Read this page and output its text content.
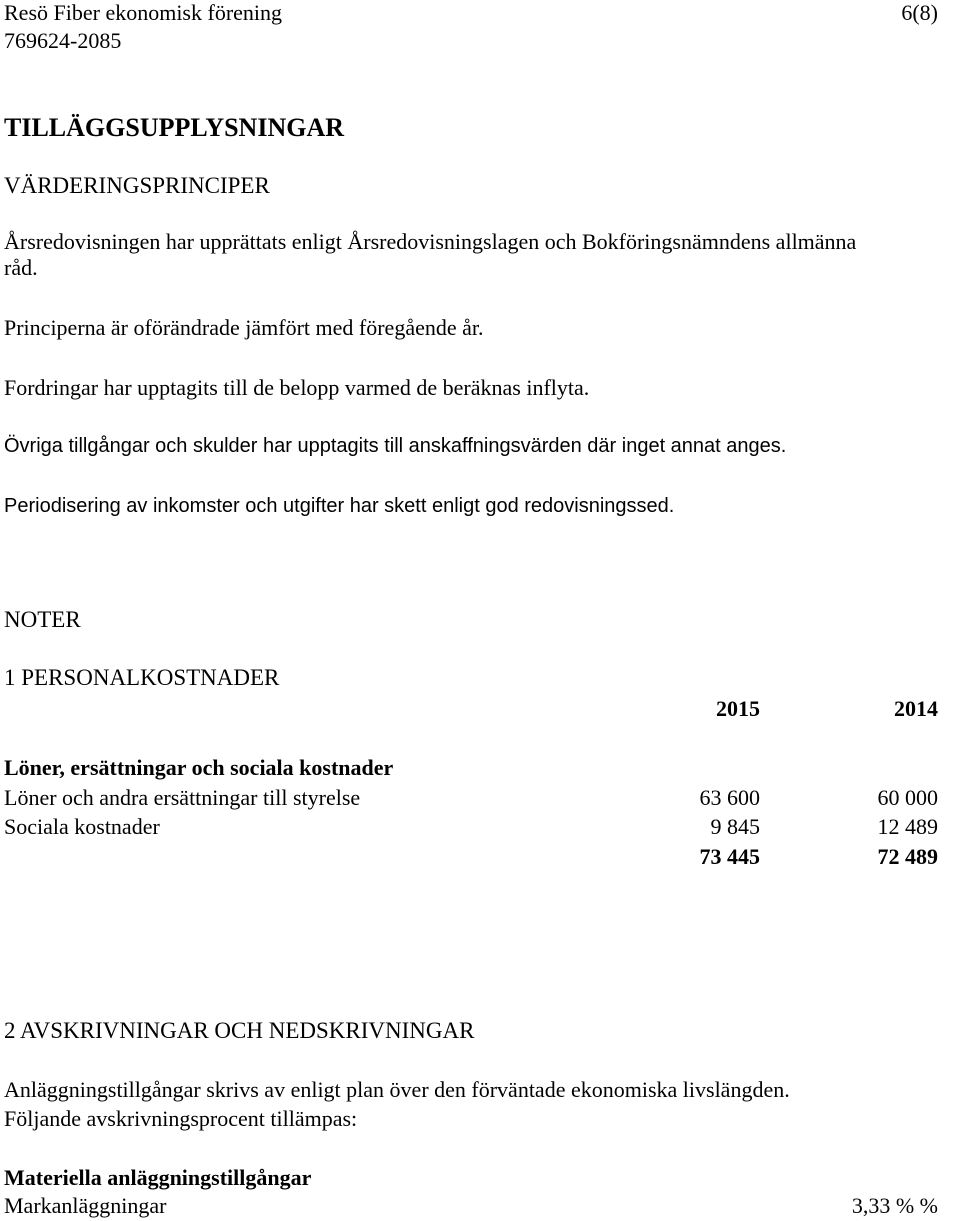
Resö Fiber ekonomisk förening	6(8)
769624-2085
TILLÄGGSUPPLYSNINGAR
VÄRDERINGSPRINCIPER
Årsredovisningen har upprättats enligt Årsredovisningslagen och Bokföringsnämndens allmänna
råd.
Principerna är oförändrade jämfört med föregående år.
Fordringar har upptagits till de belopp varmed de beräknas inflyta.
Övriga tillgångar och skulder har upptagits till anskaffningsvärden där inget annat anges.
Periodisering av inkomster och utgifter har skett enligt god redovisningssed.
NOTER
1 PERSONALKOSTNADER
2015	2014
Löner, ersättningar och sociala kostnader
Löner och andra ersättningar till styrelse	63 600	60 000
Sociala kostnader	9 845	12 489
73 445	72 489
2 AVSKRIVNINGAR OCH NEDSKRIVNINGAR
Anläggningstillgångar skrivs av enligt plan över den förväntade ekonomiska livslängden.
Följande avskrivningsprocent tillämpas:
Materiella anläggningstillgångar
Markanläggningar	3,33 % %
